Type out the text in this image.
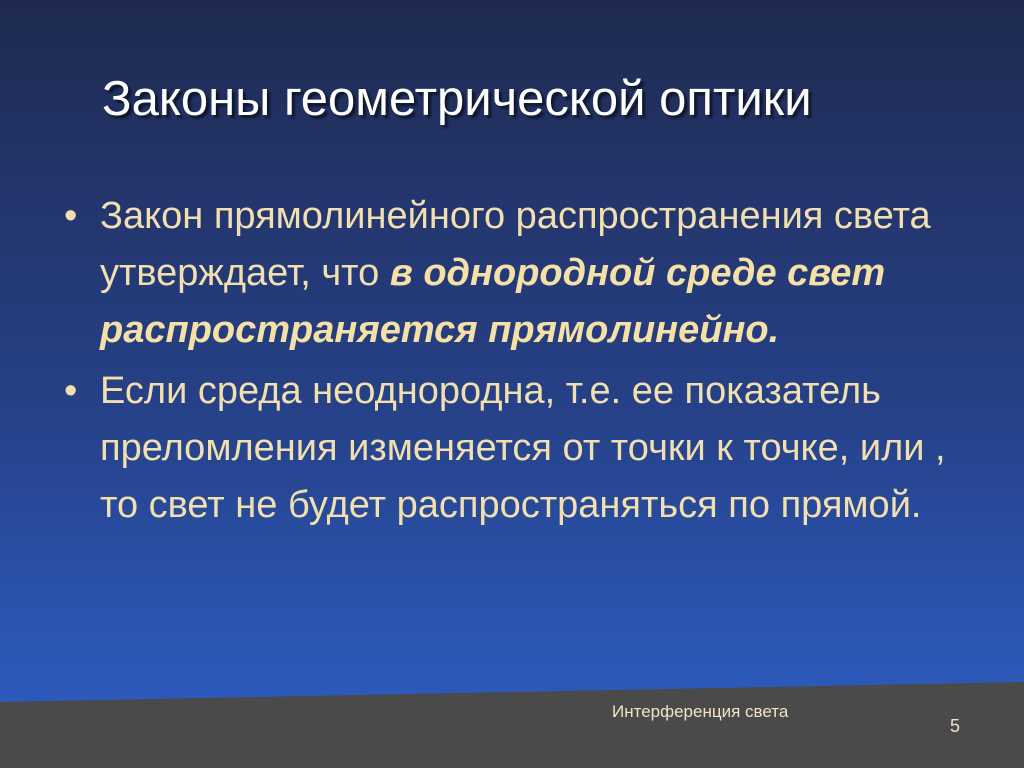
Законы геометрической оптики
• Закон прямолинейного распространения света утверждает, что в однородной среде свет распространяется прямолинейно.
• Если среда неоднородна, т.е. ее показатель преломления изменяется от точки к точке, или , то свет не будет распространяться по прямой.
Интерференция света
5
